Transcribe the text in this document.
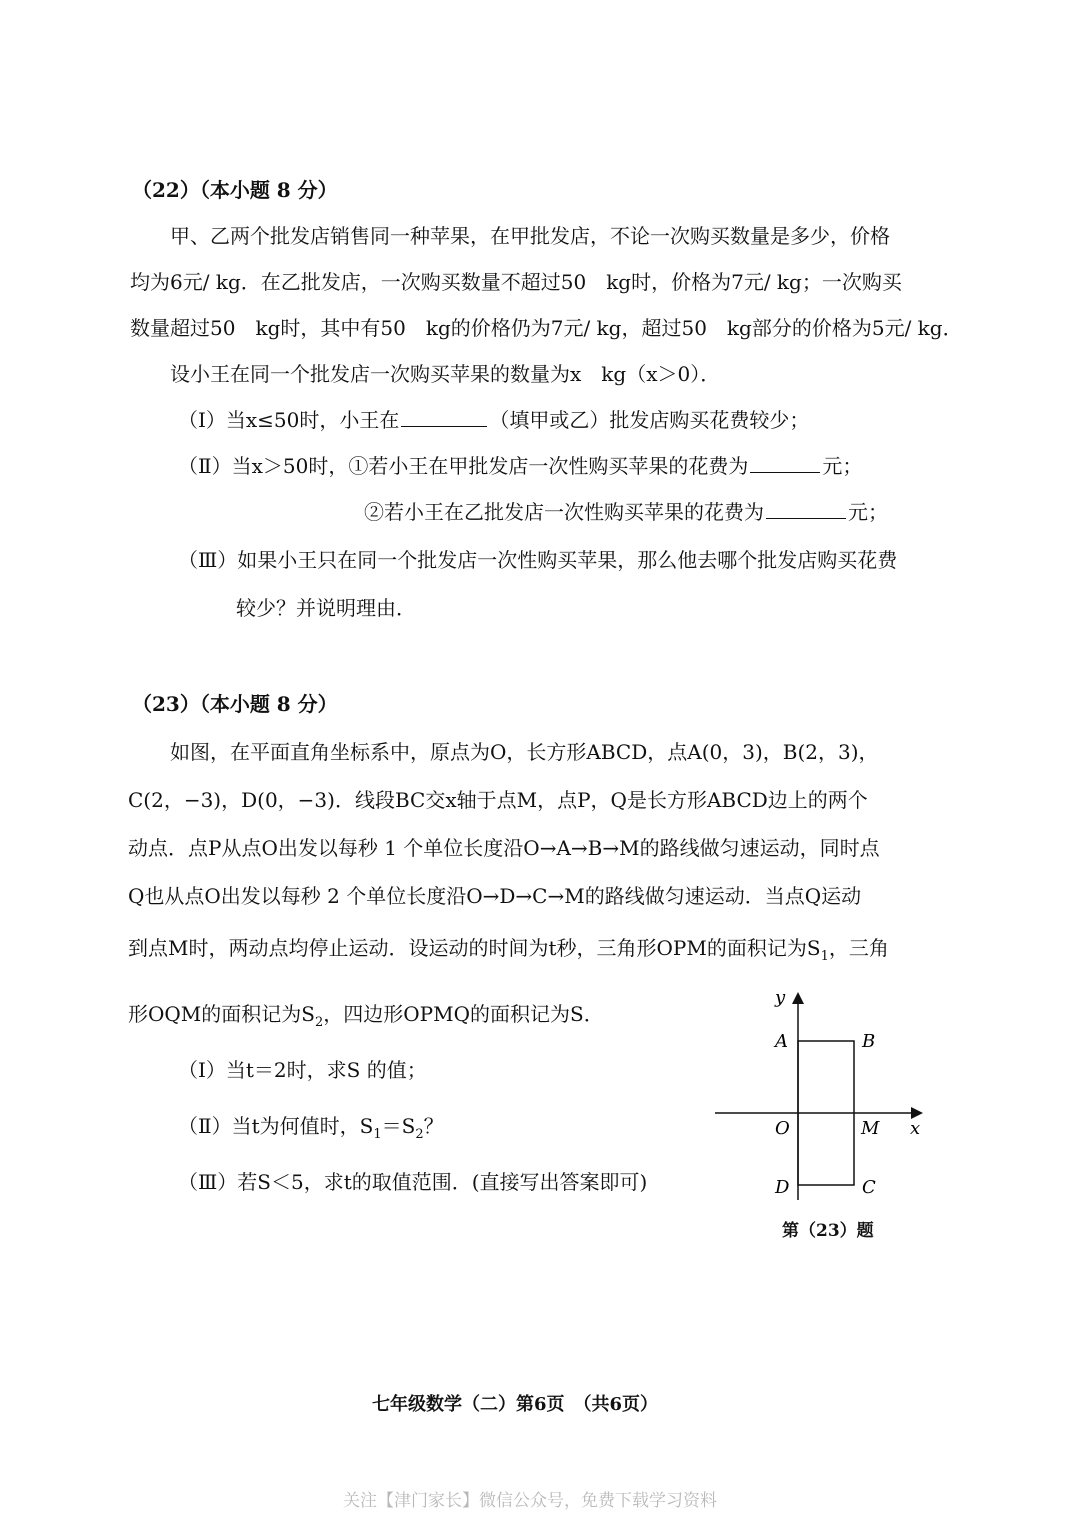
（22）（本小题 8 分）
甲、乙两个批发店销售同一种苹果，在甲批发店，不论一次购买数量是多少，价格
均为6元/ kg．在乙批发店，一次购买数量不超过50　kg时，价格为7元/ kg；一次购买
数量超过50　kg时，其中有50　kg的价格仍为7元/ kg，超过50　kg部分的价格为5元/ kg．
设小王在同一个批发店一次购买苹果的数量为x　kg（x＞0）．
（Ⅰ）当x≤50时，小王在	（填甲或乙）批发店购买花费较少；
（Ⅱ）当x＞50时，①若小王在甲批发店一次性购买苹果的花费为	元；
②若小王在乙批发店一次性购买苹果的花费为	元；
（Ⅲ）如果小王只在同一个批发店一次性购买苹果，那么他去哪个批发店购买花费
较少？并说明理由．
（23）（本小题 8 分）
如图，在平面直角坐标系中，原点为O，长方形ABCD，点A(0，3)，B(2，3)，
C(2，−3)，D(0，−3)．线段BC交x轴于点M，点P，Q是长方形ABCD边上的两个
动点．点P从点O出发以每秒 1 个单位长度沿O→A→B→M的路线做匀速运动，同时点
Q也从点O出发以每秒 2 个单位长度沿O→D→C→M的路线做匀速运动．当点Q运动
到点M时，两动点均停止运动．设运动的时间为t秒，三角形OPM的面积记为$S_1$，三角
形OQM的面积记为$S_2$，四边形OPMQ的面积记为S．
（Ⅰ）当t＝2时，求S 的值；
（Ⅱ）当t为何值时，$S_1=S_2$？
（Ⅲ）若S＜5，求t的取值范围．(直接写出答案即可)
y
x
A	B
O	M
D	C
第（23）题
七年级数学（二）第6页　（共6页）
关注【津门家长】微信公众号，免费下载学习资料
